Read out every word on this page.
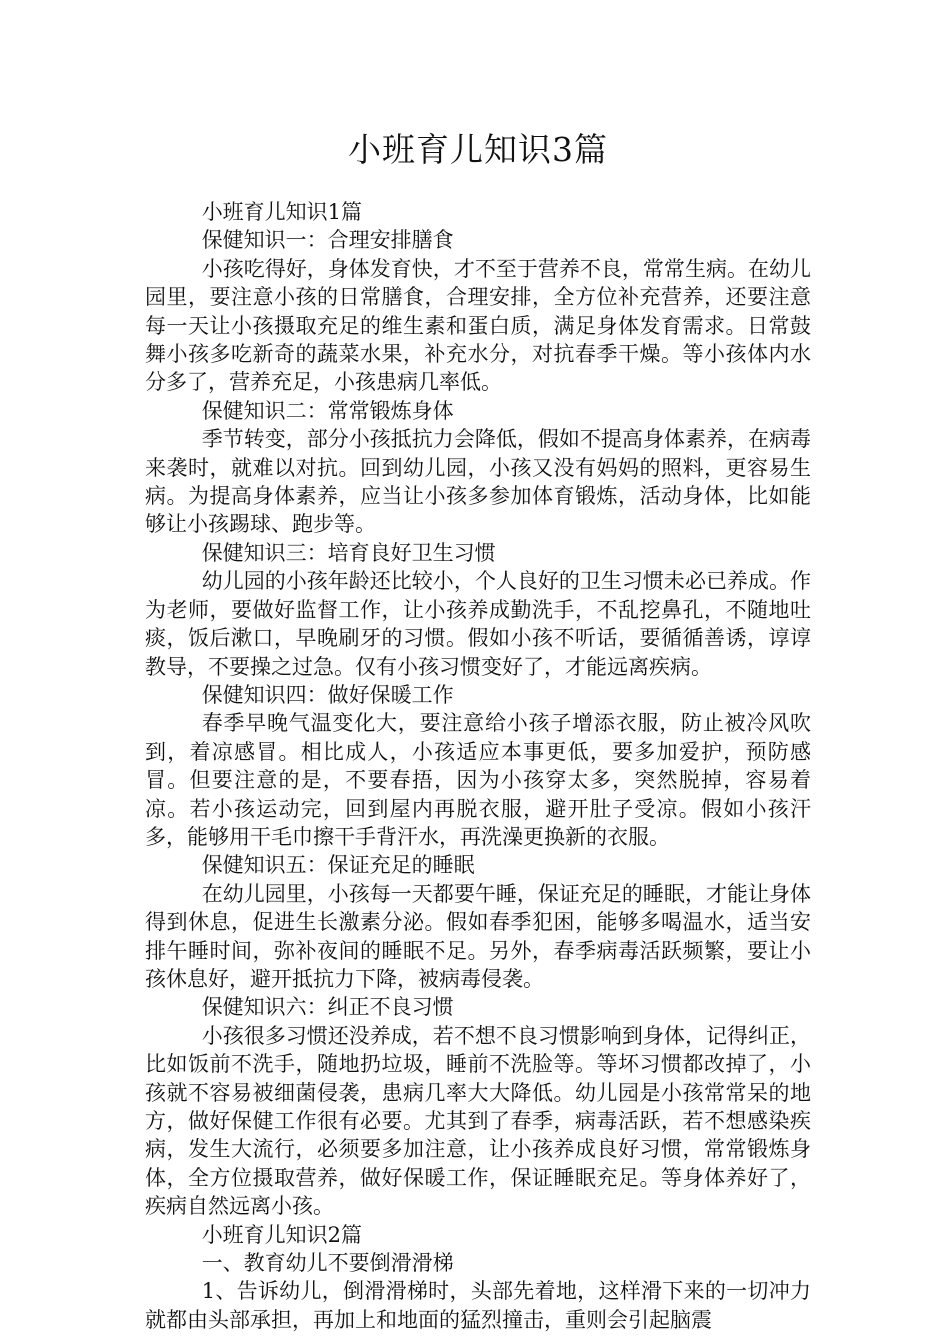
小班育儿知识3篇

小班育儿知识1篇

保健知识一：合理安排膳食

小孩吃得好，身体发育快，才不至于营养不良，常常生病。在幼儿园里，要注意小孩的日常膳食，合理安排，全方位补充营养，还要注意每一天让小孩摄取充足的维生素和蛋白质，满足身体发育需求。日常鼓舞小孩多吃新奇的蔬菜水果，补充水分，对抗春季干燥。等小孩体内水分多了，营养充足，小孩患病几率低。

保健知识二：常常锻炼身体

季节转变，部分小孩抵抗力会降低，假如不提高身体素养，在病毒来袭时，就难以对抗。回到幼儿园，小孩又没有妈妈的照料，更容易生病。为提高身体素养，应当让小孩多参加体育锻炼，活动身体，比如能够让小孩踢球、跑步等。

保健知识三：培育良好卫生习惯

幼儿园的小孩年龄还比较小，个人良好的卫生习惯未必已养成。作为老师，要做好监督工作，让小孩养成勤洗手，不乱挖鼻孔，不随地吐痰，饭后漱口，早晚刷牙的习惯。假如小孩不听话，要循循善诱，谆谆教导，不要操之过急。仅有小孩习惯变好了，才能远离疾病。

保健知识四：做好保暖工作

春季早晚气温变化大，要注意给小孩子增添衣服，防止被冷风吹到，着凉感冒。相比成人，小孩适应本事更低，要多加爱护，预防感冒。但要注意的是，不要春捂，因为小孩穿太多，突然脱掉，容易着凉。若小孩运动完，回到屋内再脱衣服，避开肚子受凉。假如小孩汗多，能够用干毛巾擦干手背汗水，再洗澡更换新的衣服。

保健知识五：保证充足的睡眠

在幼儿园里，小孩每一天都要午睡，保证充足的睡眠，才能让身体得到休息，促进生长激素分泌。假如春季犯困，能够多喝温水，适当安排午睡时间，弥补夜间的睡眠不足。另外，春季病毒活跃频繁，要让小孩休息好，避开抵抗力下降，被病毒侵袭。

保健知识六：纠正不良习惯

小孩很多习惯还没养成，若不想不良习惯影响到身体，记得纠正，比如饭前不洗手，随地扔垃圾，睡前不洗脸等。等坏习惯都改掉了，小孩就不容易被细菌侵袭，患病几率大大降低。幼儿园是小孩常常呆的地方，做好保健工作很有必要。尤其到了春季，病毒活跃，若不想感染疾病，发生大流行，必须要多加注意，让小孩养成良好习惯，常常锻炼身体，全方位摄取营养，做好保暖工作，保证睡眠充足。等身体养好了，疾病自然远离小孩。

小班育儿知识2篇

一、教育幼儿不要倒滑滑梯

1、告诉幼儿，倒滑滑梯时，头部先着地，这样滑下来的一切冲力就都由头部承担，再加上和地面的猛烈撞击，重则会引起脑震
